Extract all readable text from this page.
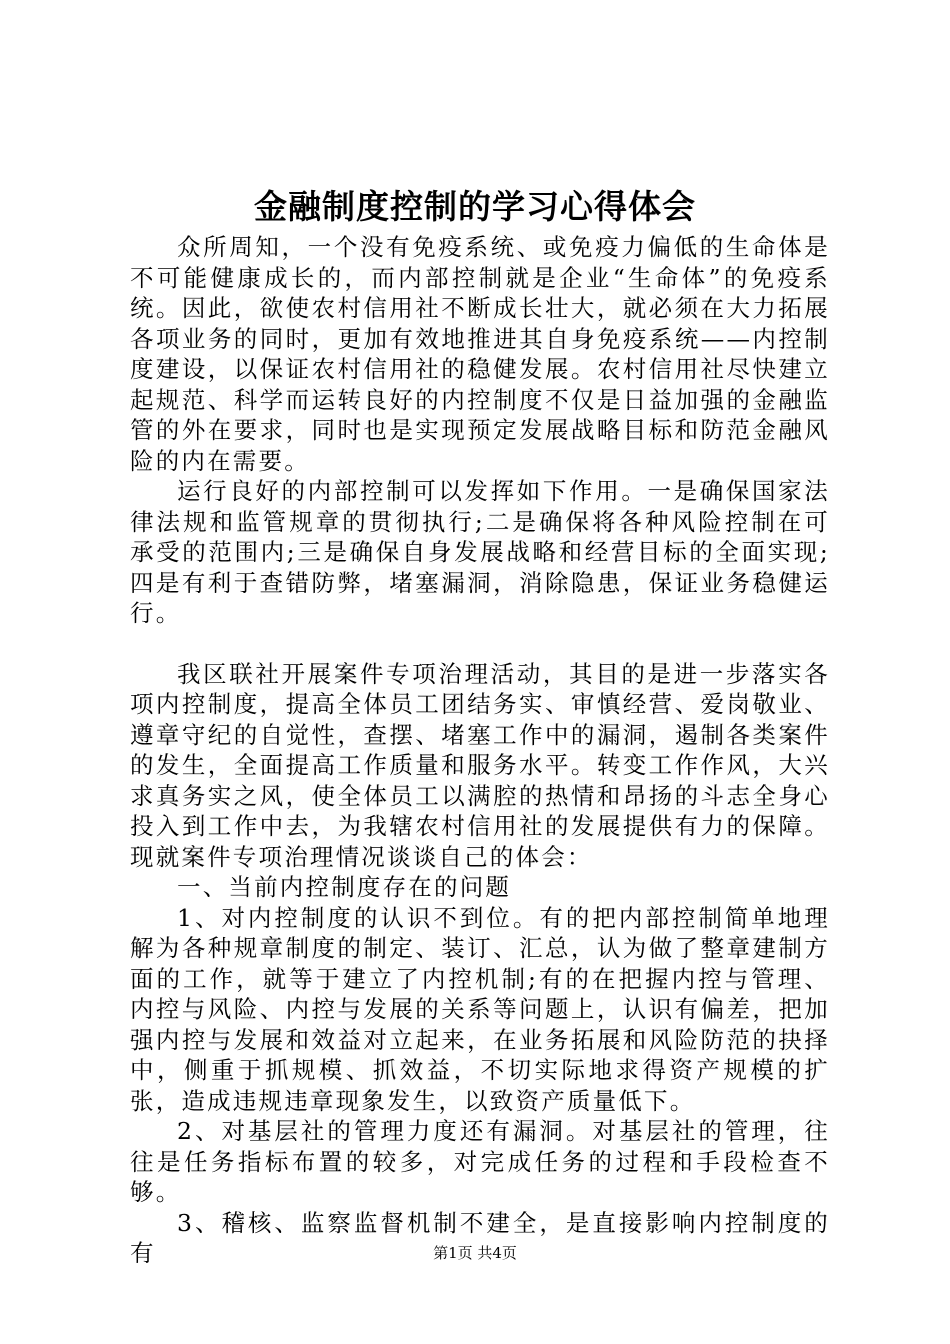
金融制度控制的学习心得体会

众所周知，一个没有免疫系统、或免疫力偏低的生命体是不可能健康成长的，而内部控制就是企业“生命体”的免疫系统。因此，欲使农村信用社不断成长壮大，就必须在大力拓展各项业务的同时，更加有效地推进其自身免疫系统——内控制度建设，以保证农村信用社的稳健发展。农村信用社尽快建立起规范、科学而运转良好的内控制度不仅是日益加强的金融监管的外在要求，同时也是实现预定发展战略目标和防范金融风险的内在需要。

运行良好的内部控制可以发挥如下作用。一是确保国家法律法规和监管规章的贯彻执行;二是确保将各种风险控制在可承受的范围内;三是确保自身发展战略和经营目标的全面实现;四是有利于查错防弊，堵塞漏洞，消除隐患，保证业务稳健运行。

我区联社开展案件专项治理活动，其目的是进一步落实各项内控制度，提高全体员工团结务实、审慎经营、爱岗敬业、遵章守纪的自觉性，查摆、堵塞工作中的漏洞，遏制各类案件的发生，全面提高工作质量和服务水平。转变工作作风，大兴求真务实之风，使全体员工以满腔的热情和昂扬的斗志全身心投入到工作中去，为我辖农村信用社的发展提供有力的保障。现就案件专项治理情况谈谈自己的体会：

一、当前内控制度存在的问题

1、对内控制度的认识不到位。有的把内部控制简单地理解为各种规章制度的制定、装订、汇总，认为做了整章建制方面的工作，就等于建立了内控机制;有的在把握内控与管理、内控与风险、内控与发展的关系等问题上，认识有偏差，把加强内控与发展和效益对立起来，在业务拓展和风险防范的抉择中，侧重于抓规模、抓效益，不切实际地求得资产规模的扩张，造成违规违章现象发生，以致资产质量低下。

2、对基层社的管理力度还有漏洞。对基层社的管理，往往是任务指标布置的较多，对完成任务的过程和手段检查不够。

3、稽核、监察监督机制不建全，是直接影响内控制度的有	第1页 共4页
